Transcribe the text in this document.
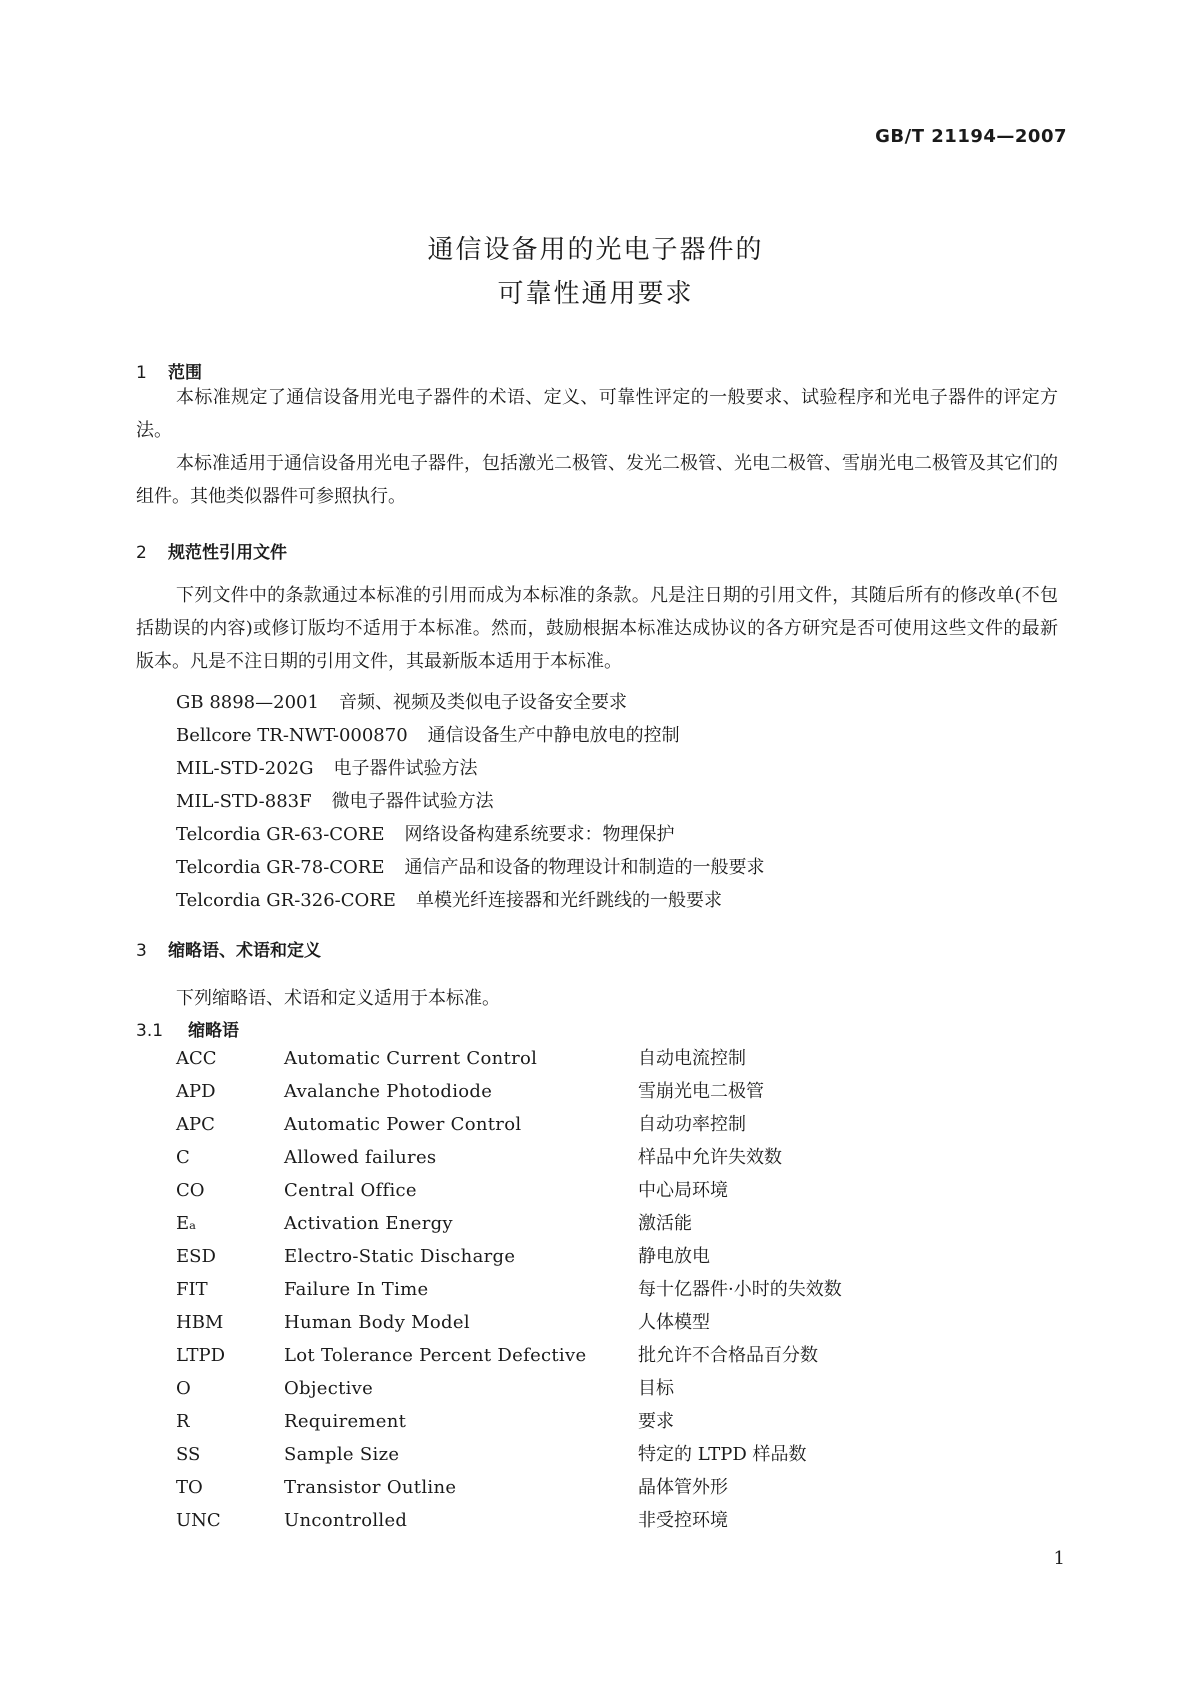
GB/T 21194—2007
通信设备用的光电子器件的
可靠性通用要求
1 范围
本标准规定了通信设备用光电子器件的术语、定义、可靠性评定的一般要求、试验程序和光电子器件的评定方法。
本标准适用于通信设备用光电子器件，包括激光二极管、发光二极管、光电二极管、雪崩光电二极管及其它们的组件。其他类似器件可参照执行。
2 规范性引用文件
下列文件中的条款通过本标准的引用而成为本标准的条款。凡是注日期的引用文件，其随后所有的修改单(不包括勘误的内容)或修订版均不适用于本标准。然而，鼓励根据本标准达成协议的各方研究是否可使用这些文件的最新版本。凡是不注日期的引用文件，其最新版本适用于本标准。
GB 8898—2001 音频、视频及类似电子设备安全要求
Bellcore TR-NWT-000870 通信设备生产中静电放电的控制
MIL-STD-202G 电子器件试验方法
MIL-STD-883F 微电子器件试验方法
Telcordia GR-63-CORE 网络设备构建系统要求：物理保护
Telcordia GR-78-CORE 通信产品和设备的物理设计和制造的一般要求
Telcordia GR-326-CORE 单模光纤连接器和光纤跳线的一般要求
3 缩略语、术语和定义
下列缩略语、术语和定义适用于本标准。
3.1 缩略语
ACC	Automatic Current Control	自动电流控制
APD	Avalanche Photodiode	雪崩光电二极管
APC	Automatic Power Control	自动功率控制
C	Allowed failures	样品中允许失效数
CO	Central Office	中心局环境
Eₐ	Activation Energy	激活能
ESD	Electro-Static Discharge	静电放电
FIT	Failure In Time	每十亿器件·小时的失效数
HBM	Human Body Model	人体模型
LTPD	Lot Tolerance Percent Defective	批允许不合格品百分数
O	Objective	目标
R	Requirement	要求
SS	Sample Size	特定的 LTPD 样品数
TO	Transistor Outline	晶体管外形
UNC	Uncontrolled	非受控环境
1
